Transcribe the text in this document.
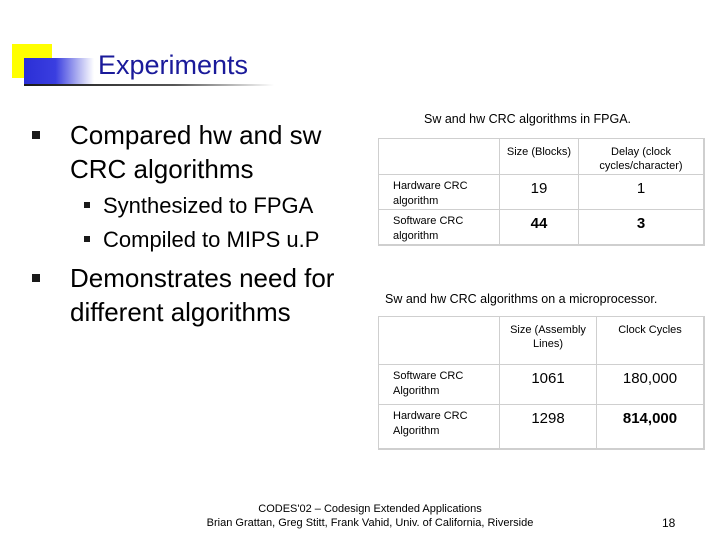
Experiments
Compared hw and sw CRC algorithms
Synthesized to FPGA
Compiled to MIPS u.P
Demonstrates need for different algorithms
Sw and hw CRC algorithms in FPGA.
	Size (Blocks)	Delay (clock cycles/character)
Hardware CRC algorithm	19	1
Software CRC algorithm	44	3
Sw and hw CRC algorithms on a microprocessor.
	Size (Assembly Lines)	Clock Cycles
Software CRC Algorithm	1061	180,000
Hardware CRC Algorithm	1298	814,000
CODES'02 – Codesign Extended Applications
Brian Grattan, Greg Stitt, Frank Vahid, Univ. of California, Riverside	18
